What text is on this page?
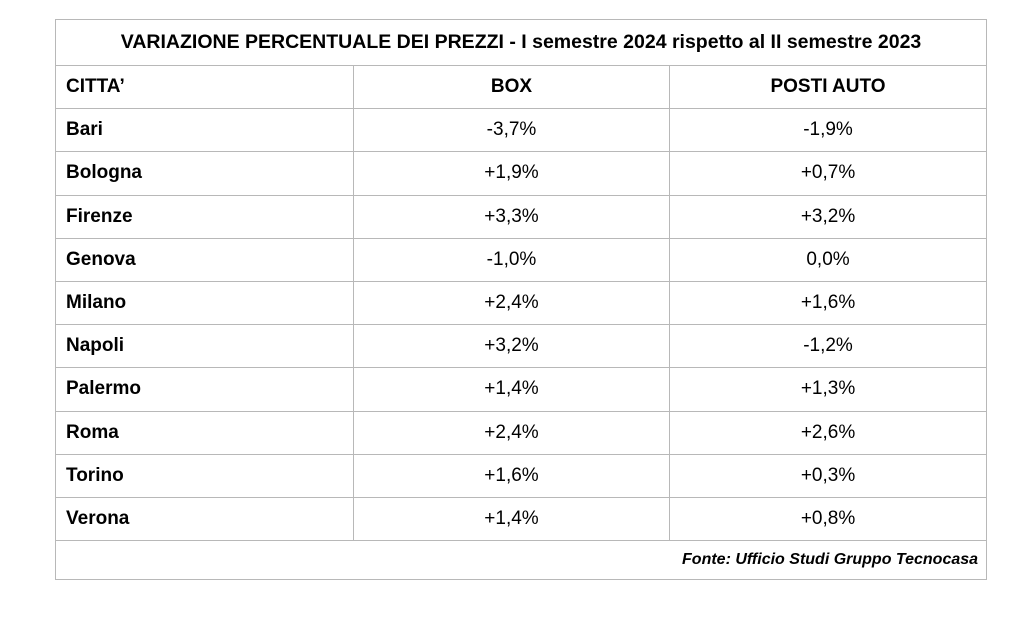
VARIAZIONE PERCENTUALE DEI PREZZI - I semestre 2024 rispetto al II semestre 2023		
CITTA’	BOX	POSTI AUTO
Bari	-3,7%	-1,9%
Bologna	+1,9%	+0,7%
Firenze	+3,3%	+3,2%
Genova	-1,0%	0,0%
Milano	+2,4%	+1,6%
Napoli	+3,2%	-1,2%
Palermo	+1,4%	+1,3%
Roma	+2,4%	+2,6%
Torino	+1,6%	+0,3%
Verona	+1,4%	+0,8%
Fonte: Ufficio Studi Gruppo Tecnocasa		
